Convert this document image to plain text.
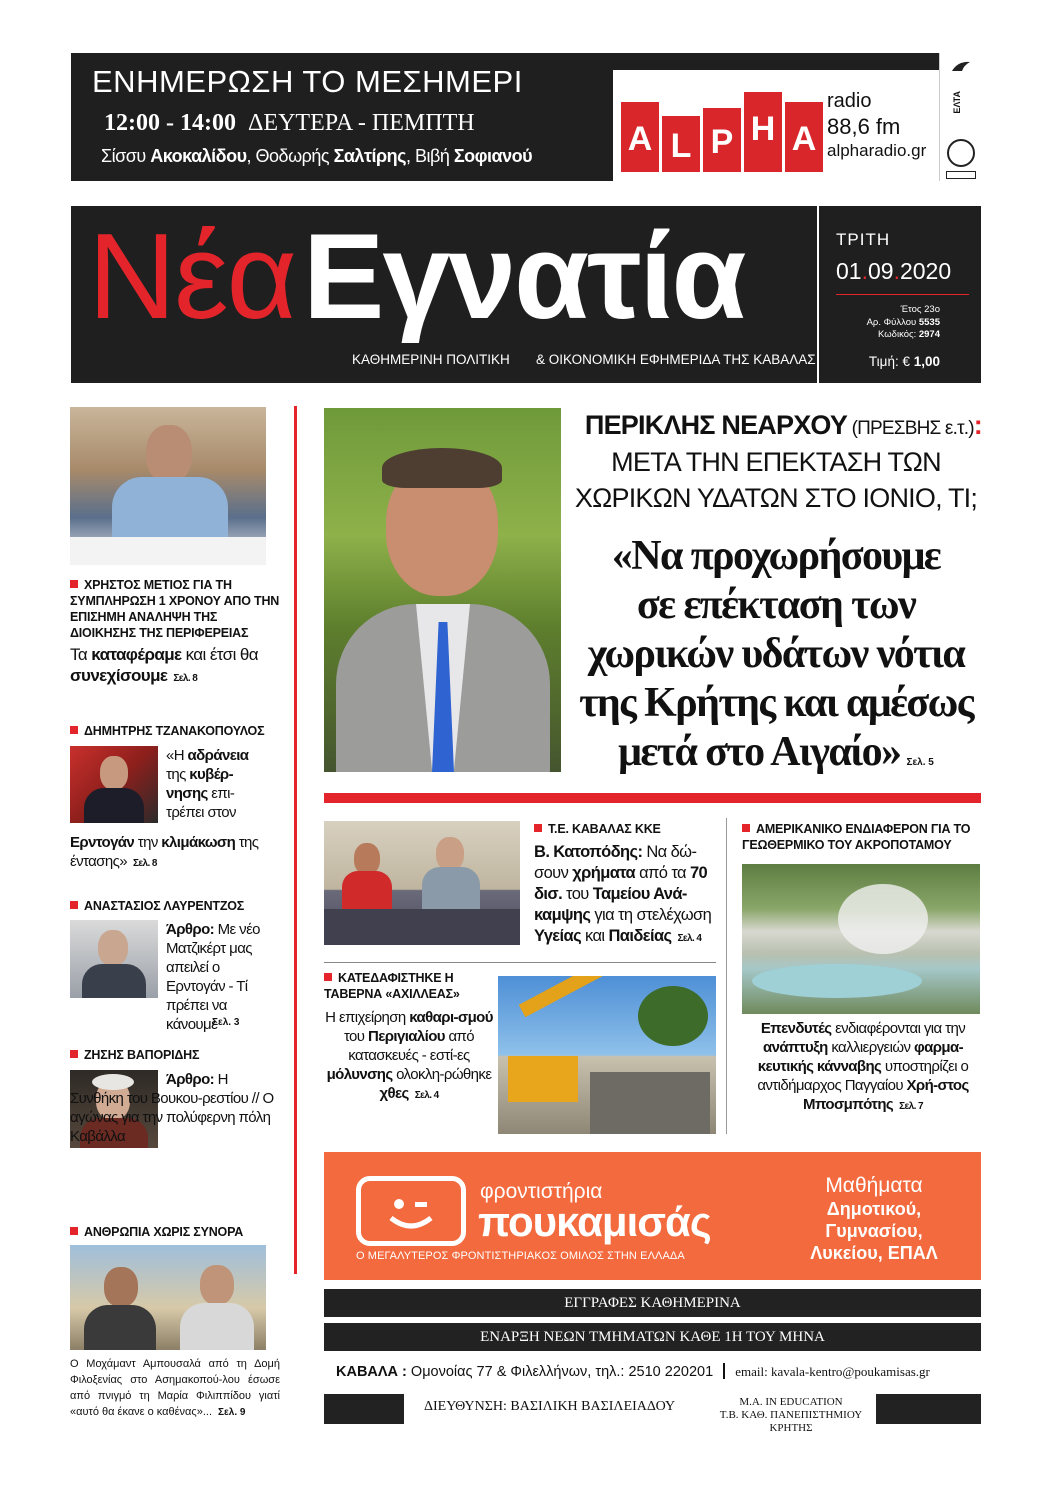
ΕΝΗΜΕΡΩΣΗ ΤΟ ΜΕΣΗΜΕΡΙ
12:00 - 14:00 ΔΕΥΤΕΡΑ - ΠΕΜΠΤΗ
Σίσσυ Ακοκαλίδου, Θοδωρής Σαλτίρης, Βιβή Σοφιανού	A L P H A
radio
88,6 fm
alpharadio.gr
ΕΛΤΑ
ΝέαΕγνατία
ΚΑΘΗΜΕΡΙΝΗ ΠΟΛΙΤΙΚΗ & ΟΙΚΟΝΟΜΙΚΗ ΕΦΗΜΕΡΙΔΑ ΤΗΣ ΚΑΒΑΛΑΣ
ΤΡΙΤΗ
01.09.2020
Έτος 23ο
Αρ. Φύλλου 5535
Κωδικός: 2974
Τιμή: € 1,00
ΧΡΗΣΤΟΣ ΜΕΤΙΟΣ ΓΙΑ ΤΗ ΣΥΜΠΛΗΡΩΣΗ 1 ΧΡΟΝΟΥ ΑΠΟ ΤΗΝ ΕΠΙΣΗΜΗ ΑΝΑΛΗΨΗ ΤΗΣ ΔΙΟΙΚΗΣΗΣ ΤΗΣ ΠΕΡΙΦΕΡΕΙΑΣ
Τα καταφέραμε και έτσι θα συνεχίσουμε Σελ. 8
ΔΗΜΗΤΡΗΣ ΤΖΑΝΑΚΟΠΟΥΛΟΣ
«Η αδράνεια της κυβέρ-νησης επι-τρέπει στον
Ερντογάν την κλιμάκωση της έντασης» Σελ. 8
ΑΝΑΣΤΑΣΙΟΣ ΛΑΥΡΕΝΤΖΟΣ
Άρθρο: Με νέο Ματζικέρτ μας απειλεί ο Ερντογάν - Τί πρέπει να κάνουμε
Σελ. 3
ΖΗΣΗΣ ΒΑΠΟΡΙΔΗΣ
Άρθρο: Η Συνθήκη του Βουκου-ρεστίου // Ο αγώνας για την πολύφερνη πόλη Καβάλλα
ΑΝΘΡΩΠΙΑ ΧΩΡΙΣ ΣΥΝΟΡΑ
Ο Μοχάμαντ Αμπουσαλά από τη Δομή Φιλοξενίας στο Ασημακοπού-λου έσωσε από πνιγμό τη Μαρία Φιλιππίδου γιατί «αυτό θα έκανε ο καθένας»... Σελ. 9
ΠΕΡΙΚΛΗΣ ΝΕΑΡΧΟΥ (ΠΡΕΣΒΗΣ ε.τ.):
ΜΕΤΑ ΤΗΝ ΕΠΕΚΤΑΣΗ ΤΩΝ
ΧΩΡΙΚΩΝ ΥΔΑΤΩΝ ΣΤΟ ΙΟΝΙΟ, ΤΙ;
«Να προχωρήσουμε
σε επέκταση των
χωρικών υδάτων νότια
της Κρήτης και αμέσως
μετά στο Αιγαίο» Σελ. 5
Τ.Ε. ΚΑΒΑΛΑΣ ΚΚΕ
Β. Κατοπόδης: Να δώ-σουν χρήματα από τα 70 δισ. του Ταμείου Ανά-καμψης για τη στελέχωση Υγείας και Παιδείας Σελ. 4
ΚΑΤΕΔΑΦΙΣΤΗΚΕ Η ΤΑΒΕΡΝΑ «ΑΧΙΛΛΕΑΣ»
Η επιχείρηση καθαρι-σμού του Περιγιαλίου από κατασκευές - εστί-ες μόλυνσης ολοκλη-ρώθηκε χθες Σελ. 4
ΑΜΕΡΙΚΑΝΙΚΟ ΕΝΔΙΑΦΕΡΟΝ ΓΙΑ ΤΟ ΓΕΩΘΕΡΜΙΚΟ ΤΟΥ ΑΚΡΟΠΟΤΑΜΟΥ
Επενδυτές ενδιαφέρονται για την ανάπτυξη καλλιεργειών φαρμα-κευτικής κάνναβης υποστηρίζει ο αντιδήμαρχος Παγγαίου Χρή-στος Μποσμπότης Σελ. 7
φροντιστήρια
πουκαμισάς
Ο ΜΕΓΑΛΥΤΕΡΟΣ ΦΡΟΝΤΙΣΤΗΡΙΑΚΟΣ ΟΜΙΛΟΣ ΣΤΗΝ ΕΛΛΑΔΑ
Μαθήματα
Δημοτικού,
Γυμνασίου,
Λυκείου, ΕΠΑΛ
ΕΓΓΡΑΦΕΣ ΚΑΘΗΜΕΡΙΝΑ
ΕΝΑΡΞΗ ΝΕΩΝ ΤΜΗΜΑΤΩΝ ΚΑΘΕ 1Η ΤΟΥ ΜΗΝΑ
ΚΑΒΑΛΑ : Ομονοίας 77 & Φιλελλήνων, τηλ.: 2510 220201 email: kavala-kentro@poukamisas.gr
ΔΙΕΥΘΥΝΣΗ: ΒΑΣΙΛΙΚΗ ΒΑΣΙΛΕΙΑΔΟΥ	M.A. IN EDUCATION
Τ.Β. ΚΑΘ. ΠΑΝΕΠΙΣΤΗΜΙΟΥ ΚΡΗΤΗΣ
